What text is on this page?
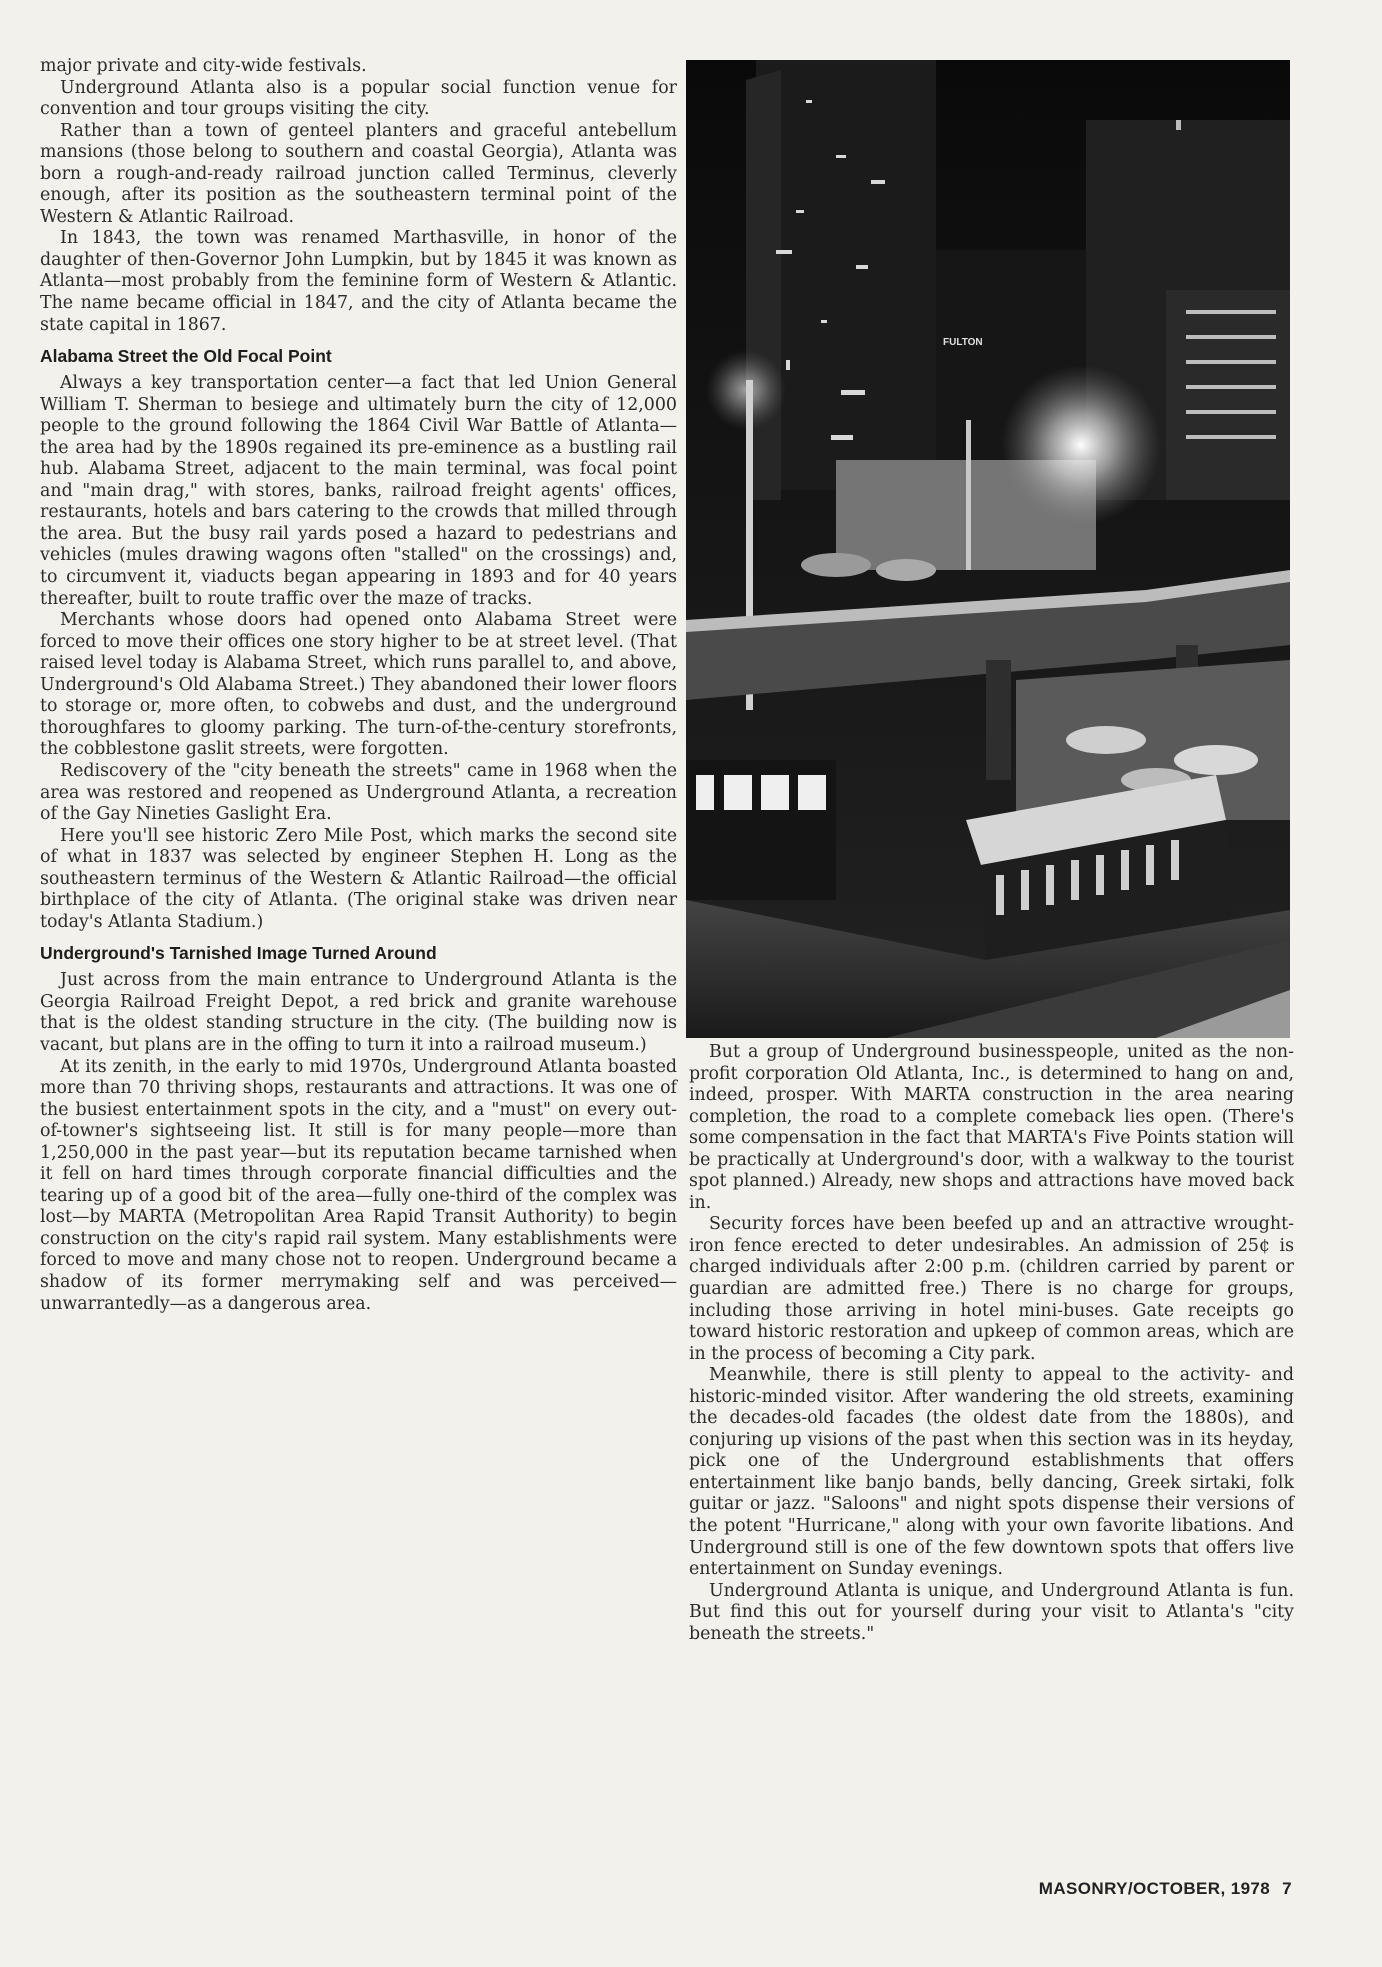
major private and city-wide festivals.

Underground Atlanta also is a popular social function venue for convention and tour groups visiting the city.

Rather than a town of genteel planters and graceful antebellum mansions (those belong to southern and coastal Georgia), Atlanta was born a rough-and-ready railroad junction called Terminus, cleverly enough, after its position as the southeastern terminal point of the Western & Atlantic Railroad.

In 1843, the town was renamed Marthasville, in honor of the daughter of then-Governor John Lumpkin, but by 1845 it was known as Atlanta—most probably from the feminine form of Western & Atlantic. The name became official in 1847, and the city of Atlanta became the state capital in 1867.

Alabama Street the Old Focal Point

Always a key transportation center—a fact that led Union General William T. Sherman to besiege and ultimately burn the city of 12,000 people to the ground following the 1864 Civil War Battle of Atlanta—the area had by the 1890s regained its pre-eminence as a bustling rail hub. Alabama Street, adjacent to the main terminal, was focal point and "main drag," with stores, banks, railroad freight agents' offices, restaurants, hotels and bars catering to the crowds that milled through the area. But the busy rail yards posed a hazard to pedestrians and vehicles (mules drawing wagons often "stalled" on the crossings) and, to circumvent it, viaducts began appearing in 1893 and for 40 years thereafter, built to route traffic over the maze of tracks.

Merchants whose doors had opened onto Alabama Street were forced to move their offices one story higher to be at street level. (That raised level today is Alabama Street, which runs parallel to, and above, Underground's Old Alabama Street.) They abandoned their lower floors to storage or, more often, to cobwebs and dust, and the underground thoroughfares to gloomy parking. The turn-of-the-century storefronts, the cobblestone gaslit streets, were forgotten.

Rediscovery of the "city beneath the streets" came in 1968 when the area was restored and reopened as Underground Atlanta, a recreation of the Gay Nineties Gaslight Era.

Here you'll see historic Zero Mile Post, which marks the second site of what in 1837 was selected by engineer Stephen H. Long as the southeastern terminus of the Western & Atlantic Railroad—the official birthplace of the city of Atlanta. (The original stake was driven near today's Atlanta Stadium.)

Underground's Tarnished Image Turned Around

Just across from the main entrance to Underground Atlanta is the Georgia Railroad Freight Depot, a red brick and granite warehouse that is the oldest standing structure in the city. (The building now is vacant, but plans are in the offing to turn it into a railroad museum.)

At its zenith, in the early to mid 1970s, Underground Atlanta boasted more than 70 thriving shops, restaurants and attractions. It was one of the busiest entertainment spots in the city, and a "must" on every out-of-towner's sightseeing list. It still is for many people—more than 1,250,000 in the past year—but its reputation became tarnished when it fell on hard times through corporate financial difficulties and the tearing up of a good bit of the area—fully one-third of the complex was lost—by MARTA (Metropolitan Area Rapid Transit Authority) to begin construction on the city's rapid rail system. Many establishments were forced to move and many chose not to reopen. Underground became a shadow of its former merrymaking self and was perceived—unwarrantedly—as a dangerous area.

FULTON

But a group of Underground businesspeople, united as the non-profit corporation Old Atlanta, Inc., is determined to hang on and, indeed, prosper. With MARTA construction in the area nearing completion, the road to a complete comeback lies open. (There's some compensation in the fact that MARTA's Five Points station will be practically at Underground's door, with a walkway to the tourist spot planned.) Already, new shops and attractions have moved back in.

Security forces have been beefed up and an attractive wrought-iron fence erected to deter undesirables. An admission of 25¢ is charged individuals after 2:00 p.m. (children carried by parent or guardian are admitted free.) There is no charge for groups, including those arriving in hotel mini-buses. Gate receipts go toward historic restoration and upkeep of common areas, which are in the process of becoming a City park.

Meanwhile, there is still plenty to appeal to the activity- and historic-minded visitor. After wandering the old streets, examining the decades-old facades (the oldest date from the 1880s), and conjuring up visions of the past when this section was in its heyday, pick one of the Underground establishments that offers entertainment like banjo bands, belly dancing, Greek sirtaki, folk guitar or jazz. "Saloons" and night spots dispense their versions of the potent "Hurricane," along with your own favorite libations. And Underground still is one of the few downtown spots that offers live entertainment on Sunday evenings.

Underground Atlanta is unique, and Underground Atlanta is fun. But find this out for yourself during your visit to Atlanta's "city beneath the streets."

MASONRY/OCTOBER, 1978 7
